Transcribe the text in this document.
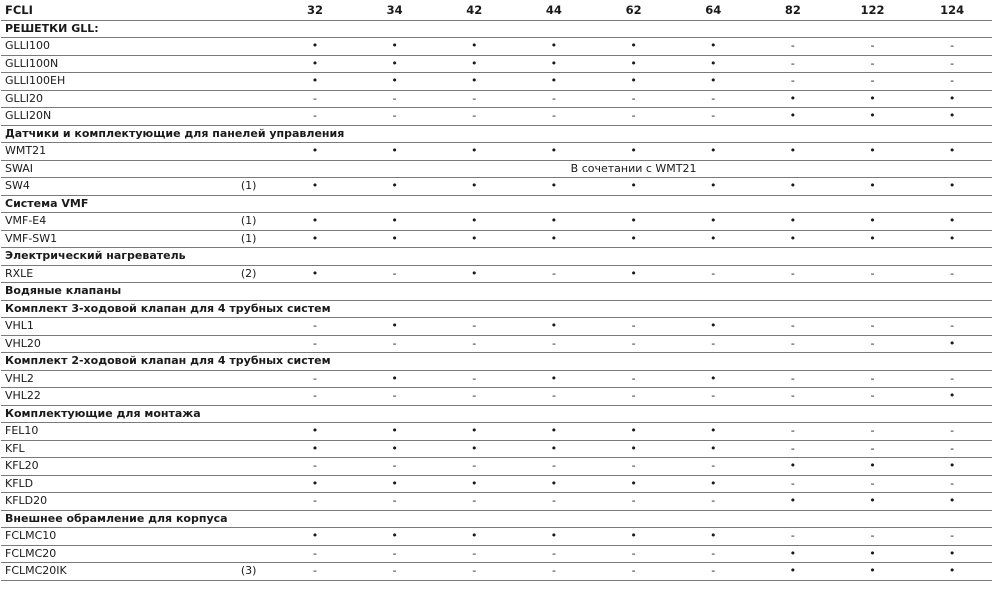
FCLI		32	34	42	44	62	64	82	122	124
РЕШЕТКИ GLL:										
GLLI100		•	•	•	•	•	•	-	-	-
GLLI100N		•	•	•	•	•	•	-	-	-
GLLI100EH		•	•	•	•	•	•	-	-	-
GLLI20		-	-	-	-	-	-	•	•	•
GLLI20N		-	-	-	-	-	-	•	•	•
Датчики и комплектующие для панелей управления										
WMT21		•	•	•	•	•	•	•	•	•
SWAI		В сочетании с WMT21								
SW4	(1)	•	•	•	•	•	•	•	•	•
Система VMF										
VMF-E4	(1)	•	•	•	•	•	•	•	•	•
VMF-SW1	(1)	•	•	•	•	•	•	•	•	•
Электрический нагреватель										
RXLE	(2)	•	-	•	-	•	-	-	-	-
Водяные клапаны										
Комплект 3-ходовой клапан для 4 трубных систем										
VHL1		-	•	-	•	-	•	-	-	-
VHL20		-	-	-	-	-	-	-	-	•
Комплект 2-ходовой клапан для 4 трубных систем										
VHL2		-	•	-	•	-	•	-	-	-
VHL22		-	-	-	-	-	-	-	-	•
Комплектующие для монтажа										
FEL10		•	•	•	•	•	•	-	-	-
KFL		•	•	•	•	•	•	-	-	-
KFL20		-	-	-	-	-	-	•	•	•
KFLD		•	•	•	•	•	•	-	-	-
KFLD20		-	-	-	-	-	-	•	•	•
Внешнее обрамление для корпуса										
FCLMC10		•	•	•	•	•	•	-	-	-
FCLMC20		-	-	-	-	-	-	•	•	•
FCLMC20IK	(3)	-	-	-	-	-	-	•	•	•
